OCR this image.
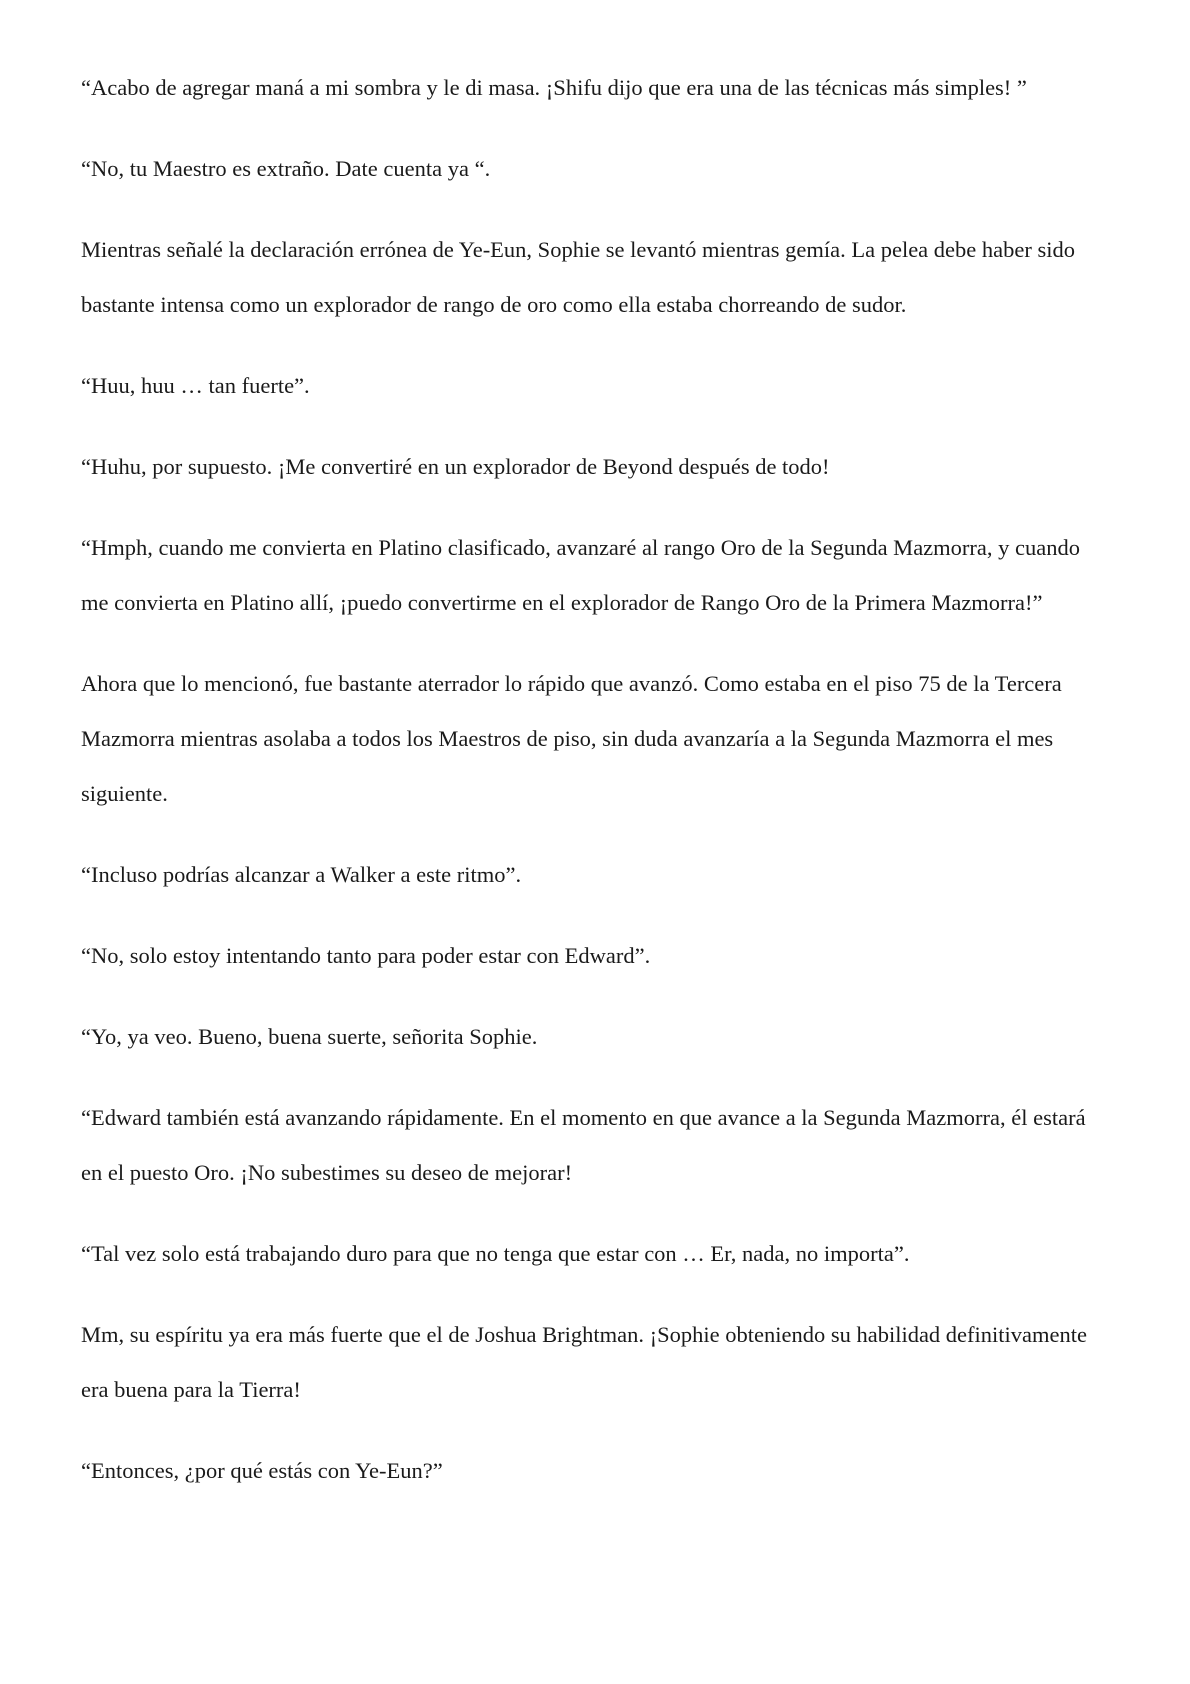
“Acabo de agregar maná a mi sombra y le di masa. ¡Shifu dijo que era una de las técnicas más simples! ”

“No, tu Maestro es extraño. Date cuenta ya “.

Mientras señalé la declaración errónea de Ye-Eun, Sophie se levantó mientras gemía. La pelea debe haber sido bastante intensa como un explorador de rango de oro como ella estaba chorreando de sudor.

“Huu, huu … tan fuerte”.

“Huhu, por supuesto. ¡Me convertiré en un explorador de Beyond después de todo!

“Hmph, cuando me convierta en Platino clasificado, avanzaré al rango Oro de la Segunda Mazmorra, y cuando me convierta en Platino allí, ¡puedo convertirme en el explorador de Rango Oro de la Primera Mazmorra!”

Ahora que lo mencionó, fue bastante aterrador lo rápido que avanzó. Como estaba en el piso 75 de la Tercera Mazmorra mientras asolaba a todos los Maestros de piso, sin duda avanzaría a la Segunda Mazmorra el mes siguiente.

“Incluso podrías alcanzar a Walker a este ritmo”.

“No, solo estoy intentando tanto para poder estar con Edward”.

“Yo, ya veo. Bueno, buena suerte, señorita Sophie.

“Edward también está avanzando rápidamente. En el momento en que avance a la Segunda Mazmorra, él estará en el puesto Oro. ¡No subestimes su deseo de mejorar!

“Tal vez solo está trabajando duro para que no tenga que estar con … Er, nada, no importa”.

Mm, su espíritu ya era más fuerte que el de Joshua Brightman. ¡Sophie obteniendo su habilidad definitivamente era buena para la Tierra!

“Entonces, ¿por qué estás con Ye-Eun?”
